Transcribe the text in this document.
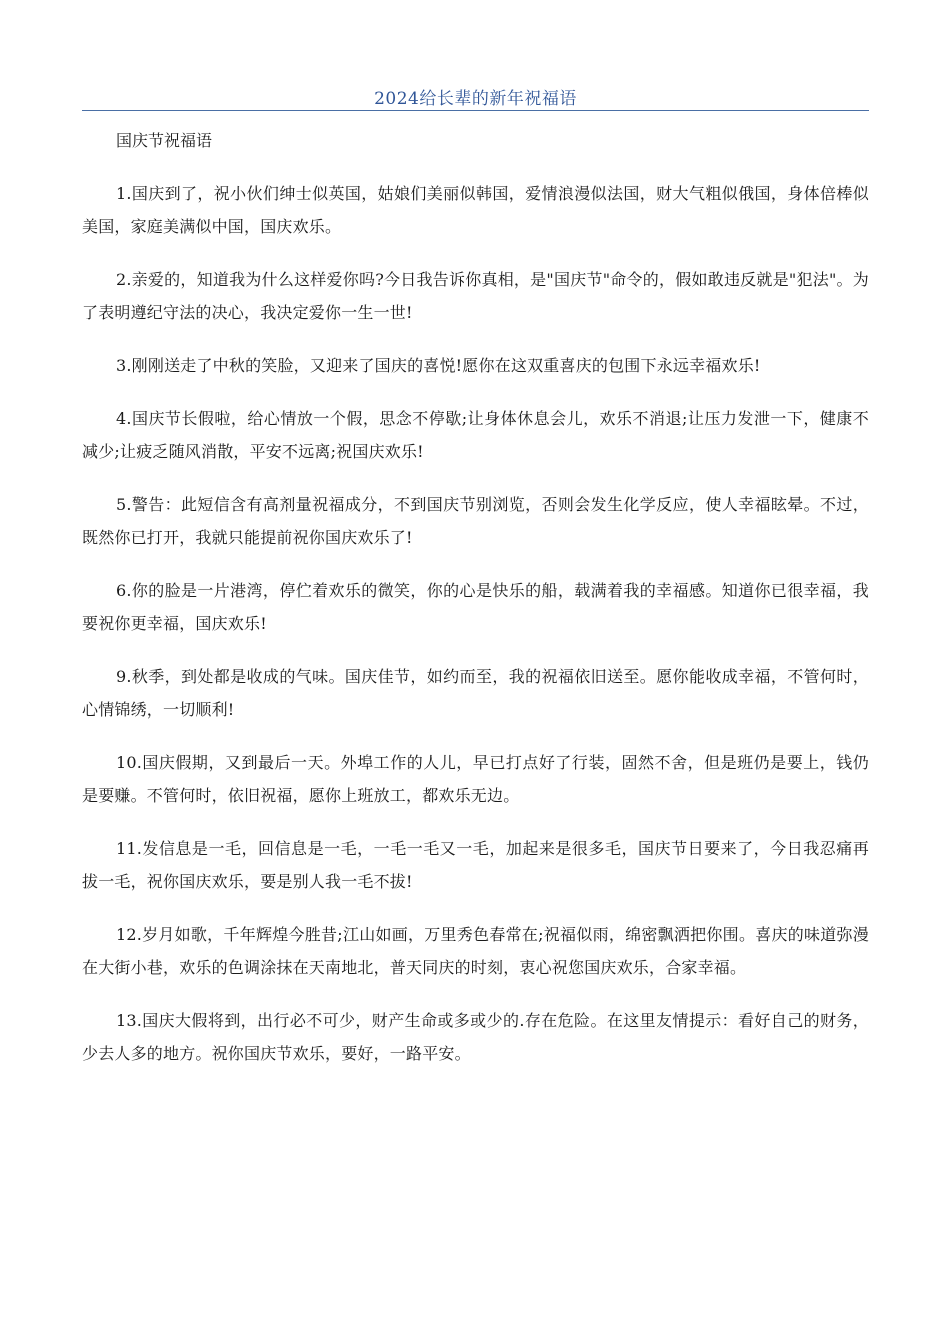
2024给长辈的新年祝福语

国庆节祝福语

1.国庆到了，祝小伙们绅士似英国，姑娘们美丽似韩国，爱情浪漫似法国，财大气粗似俄国，身体倍棒似美国，家庭美满似中国，国庆欢乐。

2.亲爱的，知道我为什么这样爱你吗?今日我告诉你真相，是"国庆节"命令的，假如敢违反就是"犯法"。为了表明遵纪守法的决心，我决定爱你一生一世!

3.刚刚送走了中秋的笑脸，又迎来了国庆的喜悦!愿你在这双重喜庆的包围下永远幸福欢乐!

4.国庆节长假啦，给心情放一个假，思念不停歇;让身体休息会儿，欢乐不消退;让压力发泄一下，健康不减少;让疲乏随风消散，平安不远离;祝国庆欢乐!

5.警告：此短信含有高剂量祝福成分，不到国庆节别浏览，否则会发生化学反应，使人幸福眩晕。不过，既然你已打开，我就只能提前祝你国庆欢乐了!

6.你的脸是一片港湾，停伫着欢乐的微笑，你的心是快乐的船，载满着我的幸福感。知道你已很幸福，我要祝你更幸福，国庆欢乐!

9.秋季，到处都是收成的气味。国庆佳节，如约而至，我的祝福依旧送至。愿你能收成幸福，不管何时，心情锦绣，一切顺利!

10.国庆假期，又到最后一天。外埠工作的人儿，早已打点好了行装，固然不舍，但是班仍是要上，钱仍是要赚。不管何时，依旧祝福，愿你上班放工，都欢乐无边。

11.发信息是一毛，回信息是一毛，一毛一毛又一毛，加起来是很多毛，国庆节日要来了，今日我忍痛再拔一毛，祝你国庆欢乐，要是别人我一毛不拔!

12.岁月如歌，千年辉煌今胜昔;江山如画，万里秀色春常在;祝福似雨，绵密飘洒把你围。喜庆的味道弥漫在大街小巷，欢乐的色调涂抹在天南地北，普天同庆的时刻，衷心祝您国庆欢乐，合家幸福。

13.国庆大假将到，出行必不可少，财产生命或多或少的.存在危险。在这里友情提示：看好自己的财务，少去人多的地方。祝你国庆节欢乐，要好，一路平安。
